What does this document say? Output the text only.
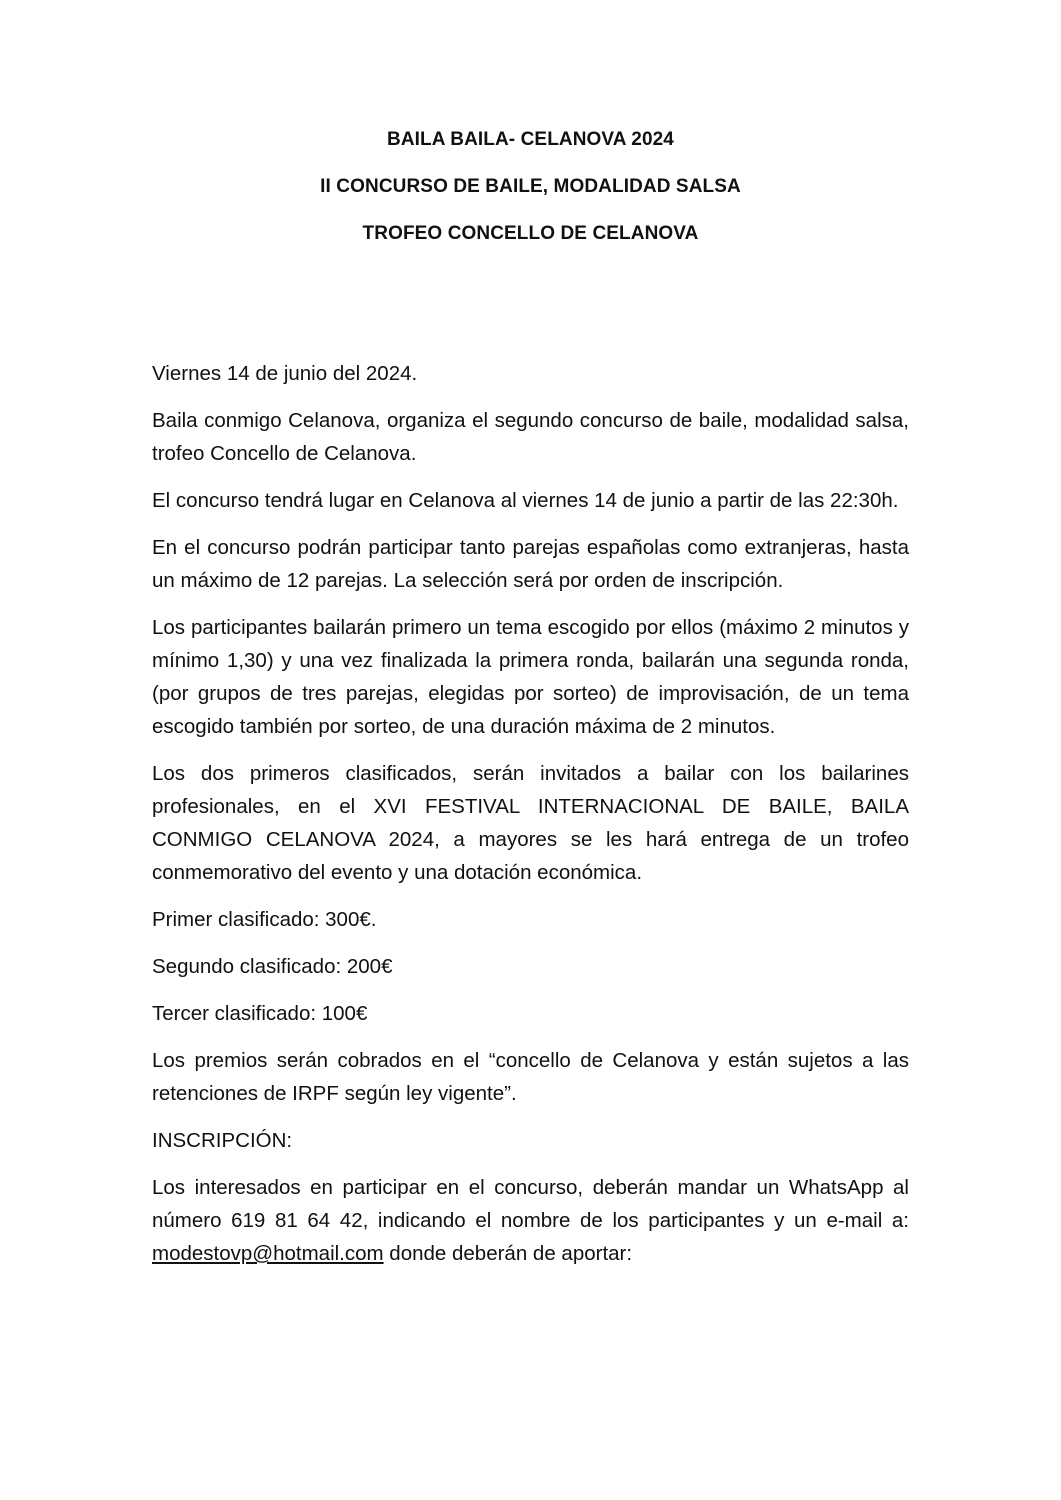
BAILA BAILA- CELANOVA 2024
II CONCURSO DE BAILE, MODALIDAD SALSA
TROFEO CONCELLO DE CELANOVA

Viernes 14 de junio del 2024.

Baila conmigo Celanova, organiza el segundo concurso de baile, modalidad salsa, trofeo Concello de Celanova.

El concurso tendrá lugar en Celanova al viernes 14 de junio a partir de las 22:30h.

En el concurso podrán participar tanto parejas españolas como extranjeras, hasta un máximo de 12 parejas. La selección será por orden de inscripción.

Los participantes bailarán primero un tema escogido por ellos (máximo 2 minutos y mínimo 1,30) y una vez finalizada la primera ronda, bailarán una segunda ronda, (por grupos de tres parejas, elegidas por sorteo) de improvisación, de un tema escogido también por sorteo, de una duración máxima de 2 minutos.

Los dos primeros clasificados, serán invitados a bailar con los bailarines profesionales, en el XVI FESTIVAL INTERNACIONAL DE BAILE, BAILA CONMIGO CELANOVA 2024, a mayores se les hará entrega de un trofeo conmemorativo del evento y una dotación económica.

Primer clasificado: 300€.

Segundo clasificado: 200€

Tercer clasificado: 100€

Los premios serán cobrados en el “concello de Celanova y están sujetos a las retenciones de IRPF según ley vigente”.

INSCRIPCIÓN:

Los interesados en participar en el concurso, deberán mandar un WhatsApp al número 619 81 64 42, indicando el nombre de los participantes y un e-mail a: modestovp@hotmail.com donde deberán de aportar:
